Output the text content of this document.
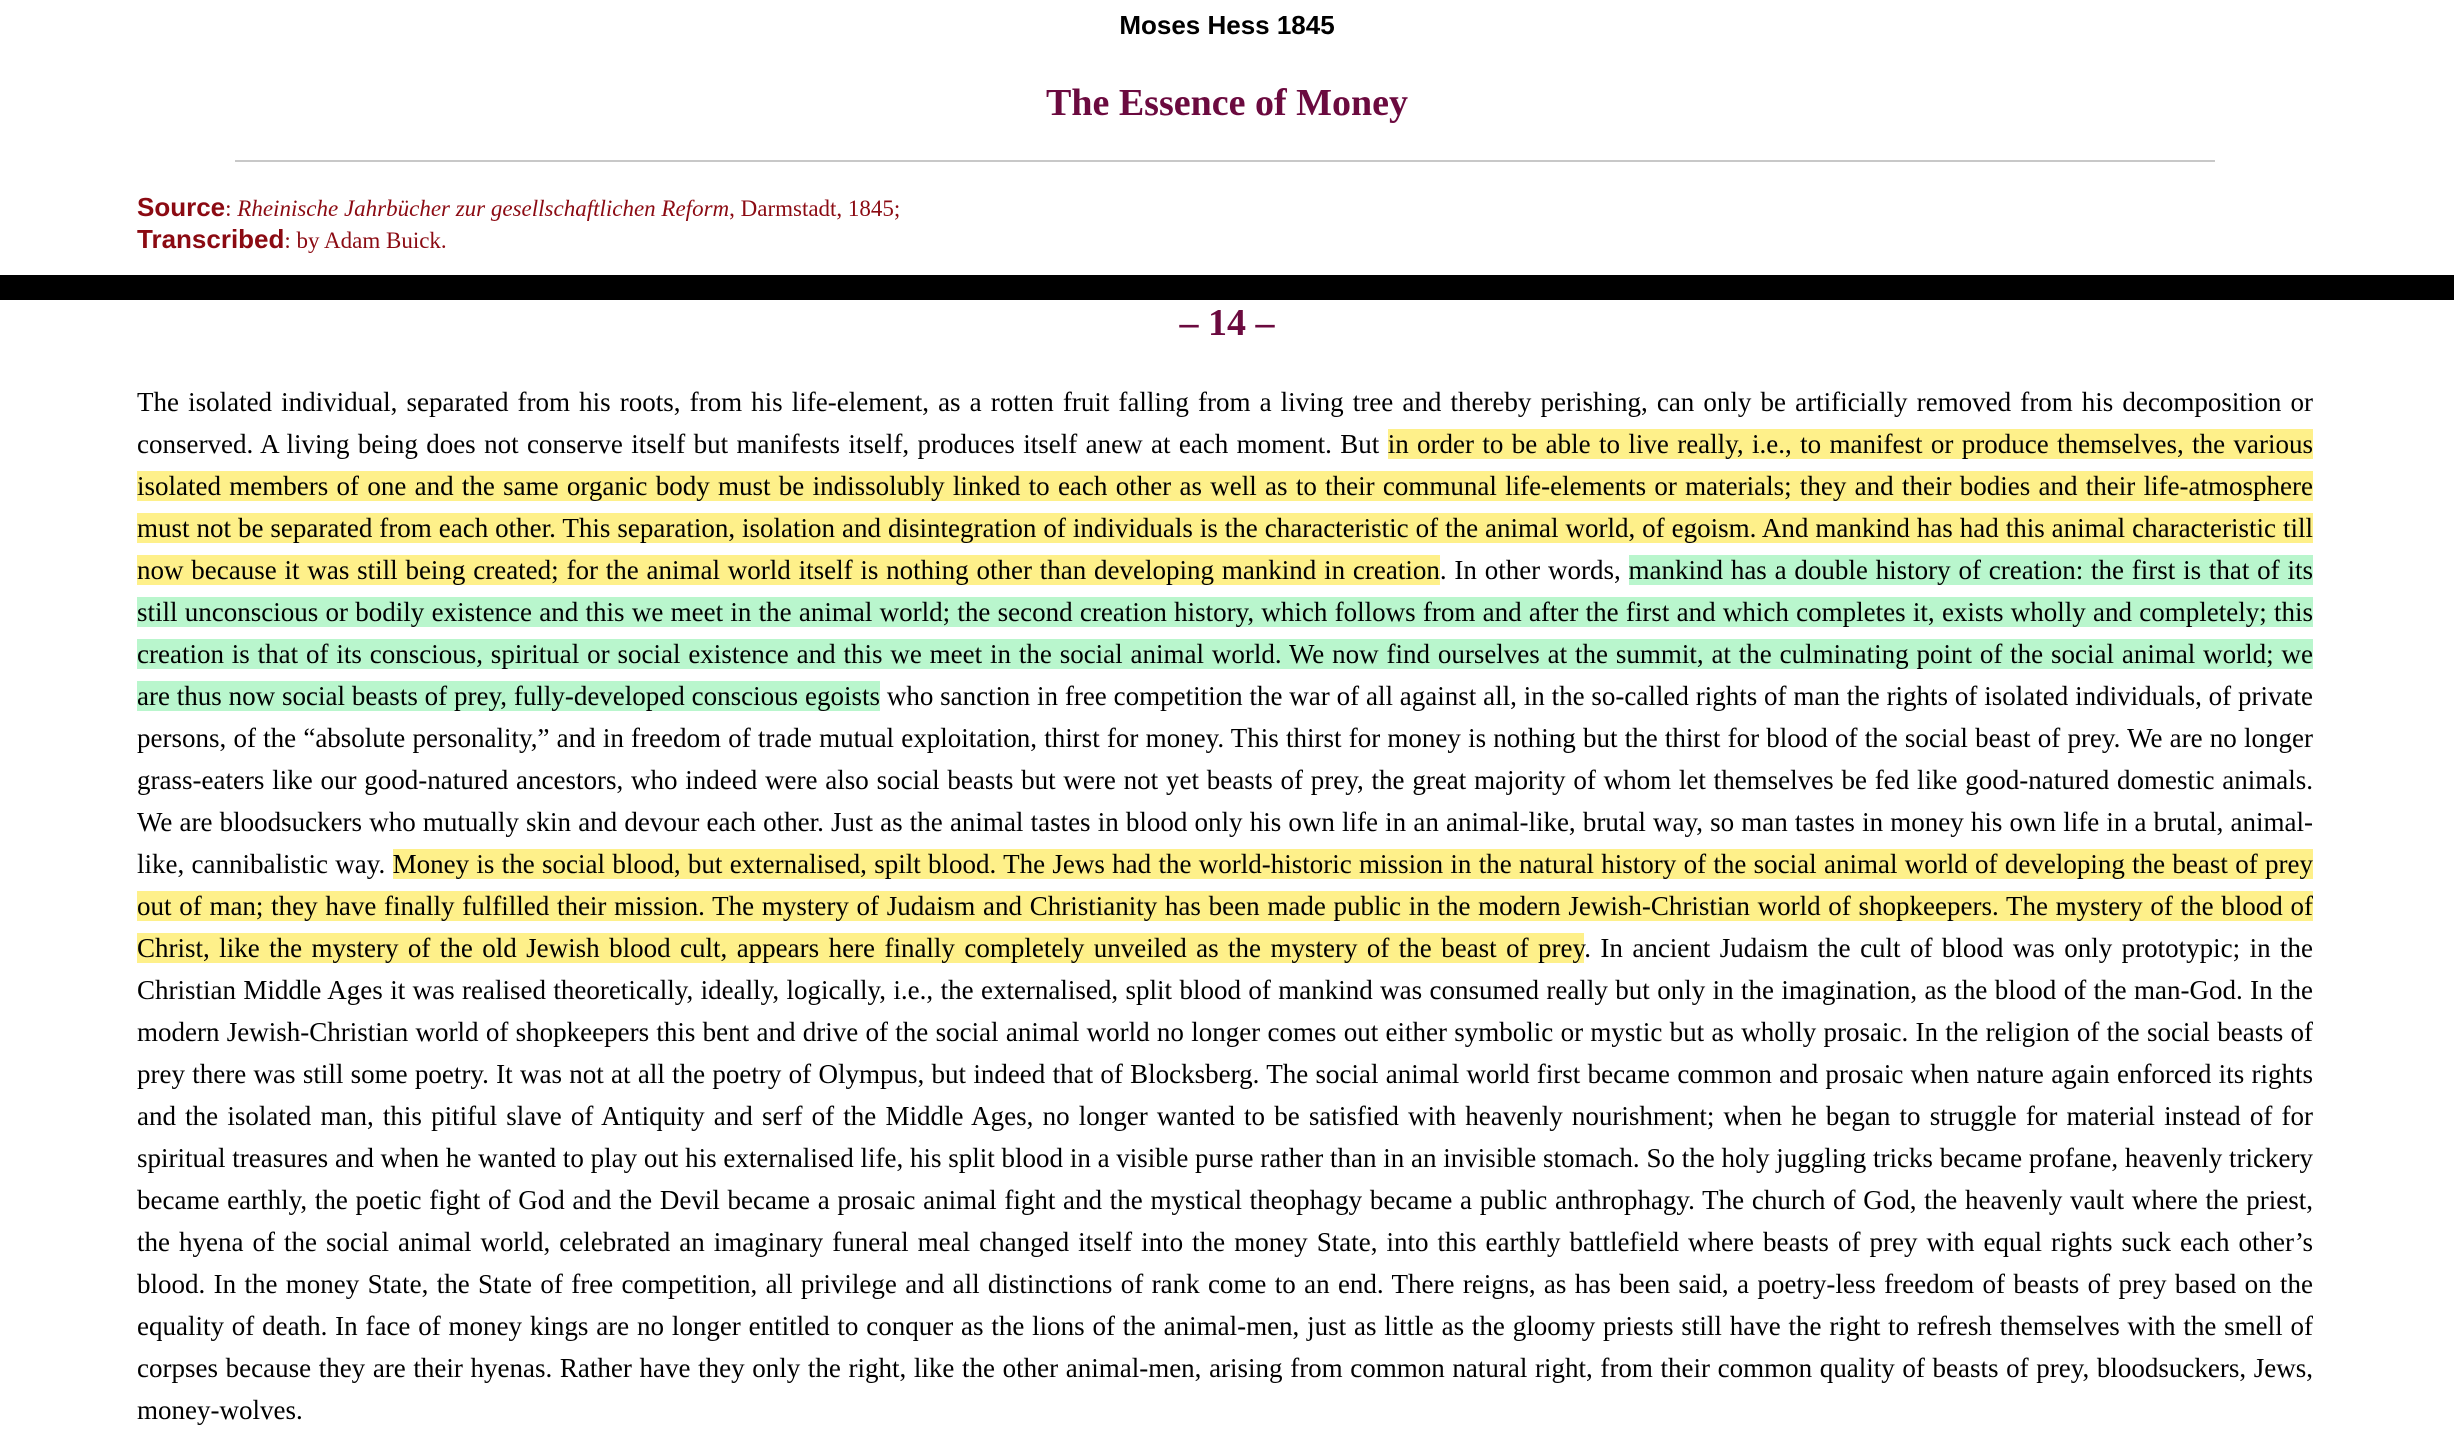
Moses Hess 1845
The Essence of Money
Source: Rheinische Jahrbücher zur gesellschaftlichen Reform, Darmstadt, 1845;
Transcribed: by Adam Buick.
– 14 –

The isolated individual, separated from his roots, from his life-element, as a rotten fruit falling from a living tree and thereby perishing, can only be artificially removed from his decomposition or conserved. A living being does not conserve itself but manifests itself, produces itself anew at each moment. But in order to be able to live really, i.e., to manifest or produce themselves, the various isolated members of one and the same organic body must be indissolubly linked to each other as well as to their communal life-elements or materials; they and their bodies and their life-atmosphere must not be separated from each other. This separation, isolation and disintegration of individuals is the characteristic of the animal world, of egoism. And mankind has had this animal characteristic till now because it was still being created; for the animal world itself is nothing other than developing mankind in creation. In other words, mankind has a double history of creation: the first is that of its still unconscious or bodily existence and this we meet in the animal world; the second creation history, which follows from and after the first and which completes it, exists wholly and completely; this creation is that of its conscious, spiritual or social existence and this we meet in the social animal world. We now find ourselves at the summit, at the culminating point of the social animal world; we are thus now social beasts of prey, fully-developed conscious egoists who sanction in free competition the war of all against all, in the so-called rights of man the rights of isolated individuals, of private persons, of the “absolute personality,” and in freedom of trade mutual exploitation, thirst for money. This thirst for money is nothing but the thirst for blood of the social beast of prey. We are no longer grass-eaters like our good-natured ancestors, who indeed were also social beasts but were not yet beasts of prey, the great majority of whom let themselves be fed like good-natured domestic animals. We are bloodsuckers who mutually skin and devour each other. Just as the animal tastes in blood only his own life in an animal-like, brutal way, so man tastes in money his own life in a brutal, animal-like, cannibalistic way. Money is the social blood, but externalised, spilt blood. The Jews had the world-historic mission in the natural history of the social animal world of developing the beast of prey out of man; they have finally fulfilled their mission. The mystery of Judaism and Christianity has been made public in the modern Jewish-Christian world of shopkeepers. The mystery of the blood of Christ, like the mystery of the old Jewish blood cult, appears here finally completely unveiled as the mystery of the beast of prey. In ancient Judaism the cult of blood was only prototypic; in the Christian Middle Ages it was realised theoretically, ideally, logically, i.e., the externalised, split blood of mankind was consumed really but only in the imagination, as the blood of the man-God. In the modern Jewish-Christian world of shopkeepers this bent and drive of the social animal world no longer comes out either symbolic or mystic but as wholly prosaic. In the religion of the social beasts of prey there was still some poetry. It was not at all the poetry of Olympus, but indeed that of Blocksberg. The social animal world first became common and prosaic when nature again enforced its rights and the isolated man, this pitiful slave of Antiquity and serf of the Middle Ages, no longer wanted to be satisfied with heavenly nourishment; when he began to struggle for material instead of for spiritual treasures and when he wanted to play out his externalised life, his split blood in a visible purse rather than in an invisible stomach. So the holy juggling tricks became profane, heavenly trickery became earthly, the poetic fight of God and the Devil became a prosaic animal fight and the mystical theophagy became a public anthrophagy. The church of God, the heavenly vault where the priest, the hyena of the social animal world, celebrated an imaginary funeral meal changed itself into the money State, into this earthly battlefield where beasts of prey with equal rights suck each other’s blood. In the money State, the State of free competition, all privilege and all distinctions of rank come to an end. There reigns, as has been said, a poetry-less freedom of beasts of prey based on the equality of death. In face of money kings are no longer entitled to conquer as the lions of the animal-men, just as little as the gloomy priests still have the right to refresh themselves with the smell of corpses because they are their hyenas. Rather have they only the right, like the other animal-men, arising from common natural right, from their common quality of beasts of prey, bloodsuckers, Jews, money-wolves.
